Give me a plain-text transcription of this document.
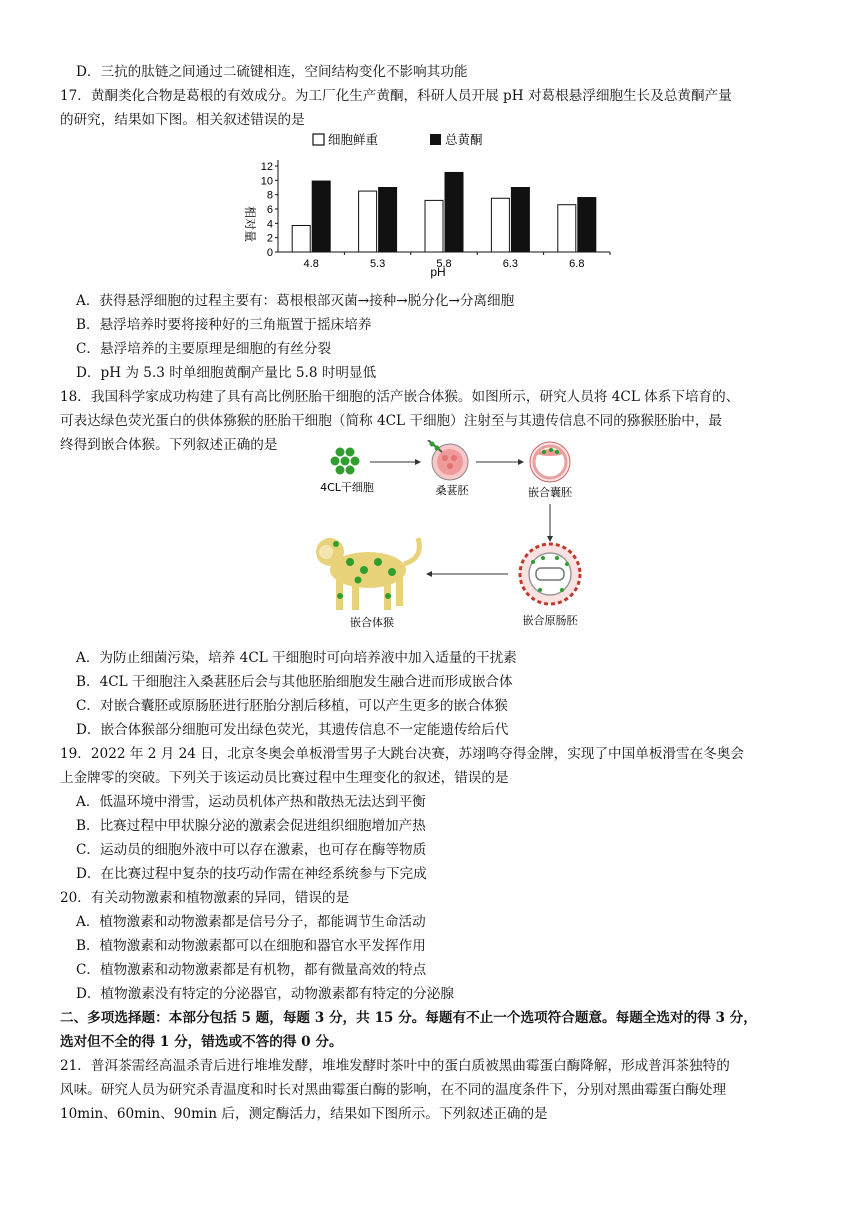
D．三抗的肽链之间通过二硫键相连，空间结构变化不影响其功能
17．黄酮类化合物是葛根的有效成分。为工厂化生产黄酮，科研人员开展 pH 对葛根悬浮细胞生长及总黄酮产量
的研究，结果如下图。相关叙述错误的是
细胞鲜重	总黄酮
相对量
4.8	5.3	5.8	6.3	6.8
0
2
4
6
8
10
12
pH
A．获得悬浮细胞的过程主要有：葛根根部灭菌→接种→脱分化→分离细胞
B．悬浮培养时要将接种好的三角瓶置于摇床培养
C．悬浮培养的主要原理是细胞的有丝分裂
D．pH 为 5.3 时单细胞黄酮产量比 5.8 时明显低
18．我国科学家成功构建了具有高比例胚胎干细胞的活产嵌合体猴。如图所示，研究人员将 4CL 体系下培育的、
可表达绿色荧光蛋白的供体猕猴的胚胎干细胞（简称 4CL 干细胞）注射至与其遗传信息不同的猕猴胚胎中，最
终得到嵌合体猴。下列叙述正确的是
4CL干细胞	桑葚胚	嵌合囊胚
嵌合原肠胚
嵌合体猴
A．为防止细菌污染，培养 4CL 干细胞时可向培养液中加入适量的干扰素
B．4CL 干细胞注入桑葚胚后会与其他胚胎细胞发生融合进而形成嵌合体
C．对嵌合囊胚或原肠胚进行胚胎分割后移植，可以产生更多的嵌合体猴
D．嵌合体猴部分细胞可发出绿色荧光，其遗传信息不一定能遗传给后代
19．2022 年 2 月 24 日，北京冬奥会单板滑雪男子大跳台决赛，苏翊鸣夺得金牌，实现了中国单板滑雪在冬奥会
上金牌零的突破。下列关于该运动员比赛过程中生理变化的叙述，错误的是
A．低温环境中滑雪，运动员机体产热和散热无法达到平衡
B．比赛过程中甲状腺分泌的激素会促进组织细胞增加产热
C．运动员的细胞外液中可以存在激素，也可存在酶等物质
D．在比赛过程中复杂的技巧动作需在神经系统参与下完成
20．有关动物激素和植物激素的异同，错误的是
A．植物激素和动物激素都是信号分子，都能调节生命活动
B．植物激素和动物激素都可以在细胞和器官水平发挥作用
C．植物激素和动物激素都是有机物，都有微量高效的特点
D．植物激素没有特定的分泌器官，动物激素都有特定的分泌腺
二、多项选择题：本部分包括 5 题，每题 3 分，共 15 分。每题有不止一个选项符合题意。每题全选对的得 3 分，
选对但不全的得 1 分，错选或不答的得 0 分。
21．普洱茶需经高温杀青后进行堆堆发酵，堆堆发酵时茶叶中的蛋白质被黑曲霉蛋白酶降解，形成普洱茶独特的
风味。研究人员为研究杀青温度和时长对黑曲霉蛋白酶的影响，在不同的温度条件下，分别对黑曲霉蛋白酶处理
10min、60min、90min 后，测定酶活力，结果如下图所示。下列叙述正确的是
